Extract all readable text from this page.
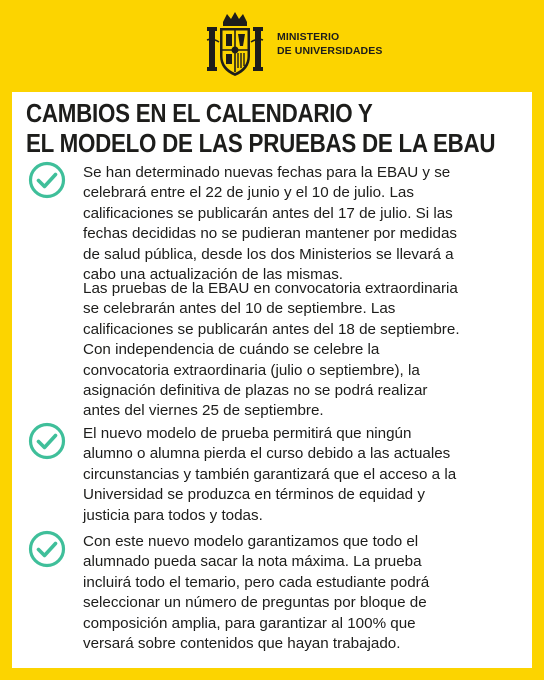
MINISTERIO
DE UNIVERSIDADES
CAMBIOS EN EL CALENDARIO Y
EL MODELO DE LAS PRUEBAS DE LA EBAU
Se han determinado nuevas fechas para la EBAU y se
celebrará entre el 22 de junio y el 10 de julio. Las
calificaciones se publicarán antes del 17 de julio. Si las
fechas decididas no se pudieran mantener por medidas
de salud pública, desde los dos Ministerios se llevará a
cabo una actualización de las mismas.
Las pruebas de la EBAU en convocatoria extraordinaria
se celebrarán antes del 10 de septiembre. Las
calificaciones se publicarán antes del 18 de septiembre.
Con independencia de cuándo se celebre la
convocatoria extraordinaria (julio o septiembre), la
asignación definitiva de plazas no se podrá realizar
antes del viernes 25 de septiembre.
El nuevo modelo de prueba permitirá que ningún
alumno o alumna pierda el curso debido a las actuales
circunstancias y también garantizará que el acceso a la
Universidad se produzca en términos de equidad y
justicia para todos y todas.
Con este nuevo modelo garantizamos que todo el
alumnado pueda sacar la nota máxima. La prueba
incluirá todo el temario, pero cada estudiante podrá
seleccionar un número de preguntas por bloque de
composición amplia, para garantizar al 100% que
versará sobre contenidos que hayan trabajado.
